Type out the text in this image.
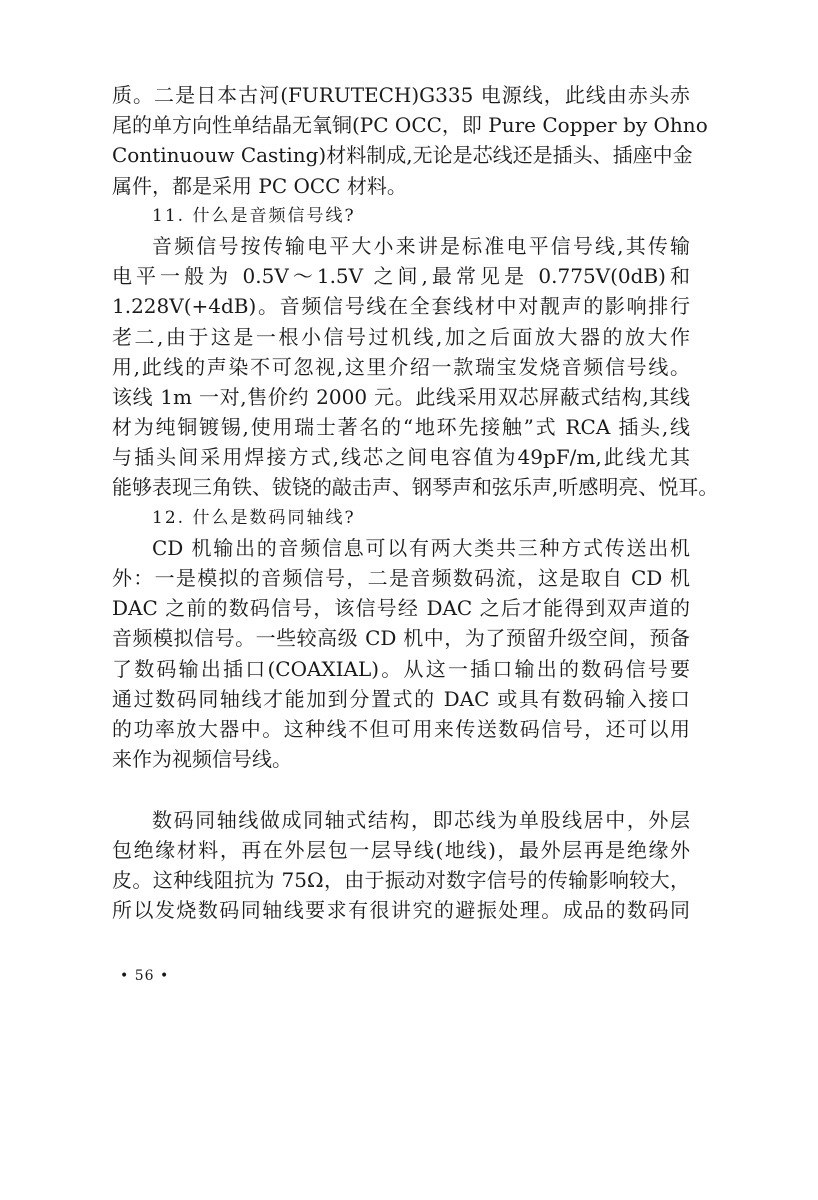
质。二是日本古河(FURUTECH)G335 电源线，此线由赤头赤
尾的单方向性单结晶无氧铜(PC OCC，即 Pure Copper by Ohno
Continuouw Casting)材料制成,无论是芯线还是插头、插座中金
属件，都是采用 PC OCC 材料。
11. 什么是音频信号线?
音频信号按传输电平大小来讲是标准电平信号线,其传输
电平一般为 0.5V～1.5V 之间,最常见是 0.775V(0dB)和
1.228V(+4dB)。音频信号线在全套线材中对靓声的影响排行
老二,由于这是一根小信号过机线,加之后面放大器的放大作
用,此线的声染不可忽视,这里介绍一款瑞宝发烧音频信号线。
该线 1m 一对,售价约 2000 元。此线采用双芯屏蔽式结构,其线
材为纯铜镀锡,使用瑞士著名的“地环先接触”式 RCA 插头,线
与插头间采用焊接方式,线芯之间电容值为49pF/m,此线尤其
能够表现三角铁、钹铙的敲击声、钢琴声和弦乐声,听感明亮、悦耳。
12. 什么是数码同轴线?
CD 机输出的音频信息可以有两大类共三种方式传送出机
外：一是模拟的音频信号，二是音频数码流，这是取自 CD 机
DAC 之前的数码信号，该信号经 DAC 之后才能得到双声道的
音频模拟信号。一些较高级 CD 机中，为了预留升级空间，预备
了数码输出插口(COAXIAL)。从这一插口输出的数码信号要
通过数码同轴线才能加到分置式的 DAC 或具有数码输入接口
的功率放大器中。这种线不但可用来传送数码信号，还可以用
来作为视频信号线。
数码同轴线做成同轴式结构，即芯线为单股线居中，外层
包绝缘材料，再在外层包一层导线(地线)，最外层再是绝缘外
皮。这种线阻抗为 75Ω，由于振动对数字信号的传输影响较大，
所以发烧数码同轴线要求有很讲究的避振处理。成品的数码同
• 56 •
